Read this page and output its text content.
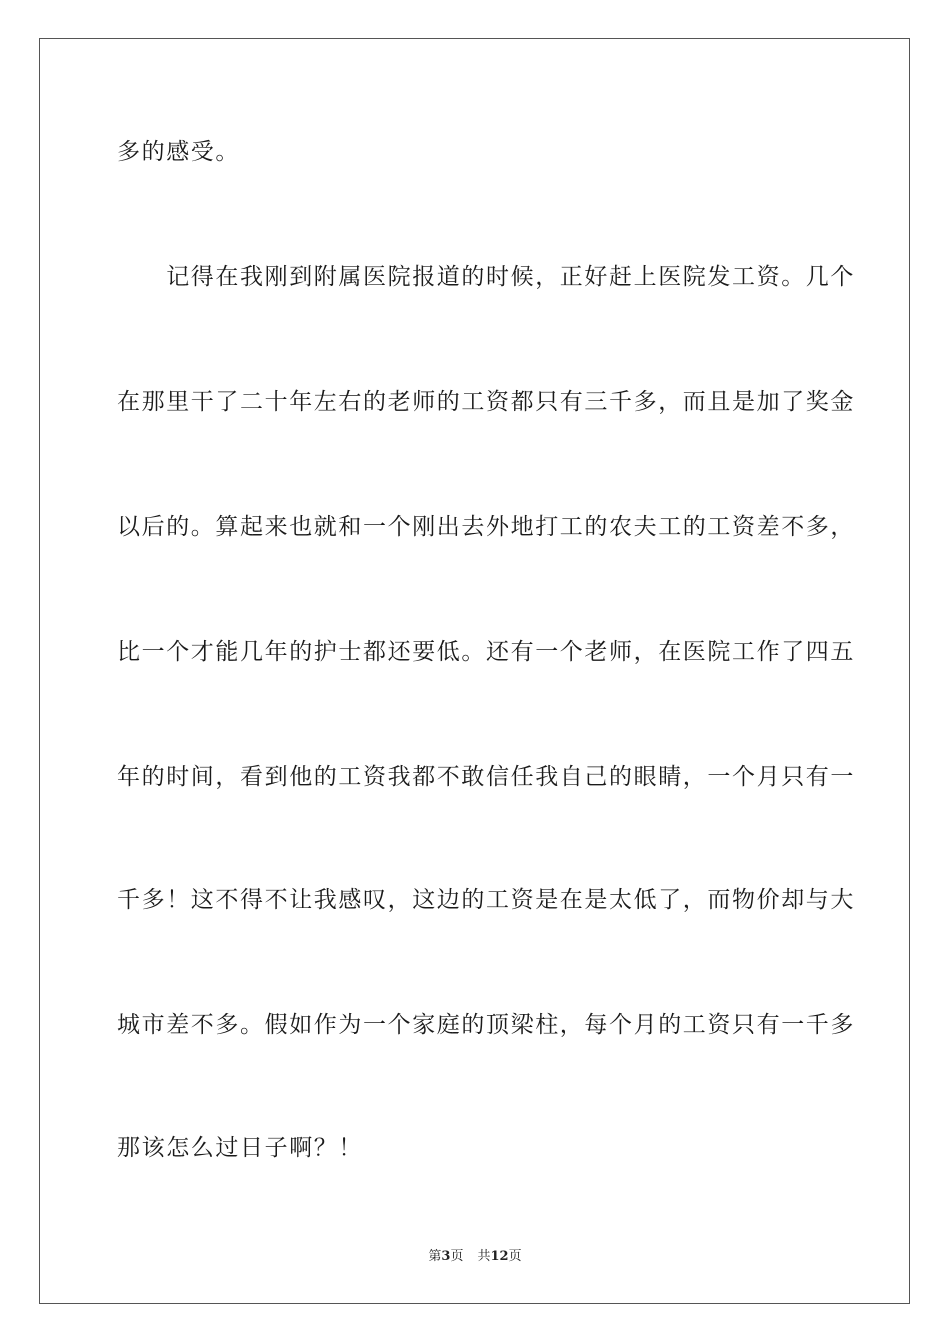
多的感受。
　　记得在我刚到附属医院报道的时候，正好赶上医院发工资。几个
在那里干了二十年左右的老师的工资都只有三千多，而且是加了奖金
以后的。算起来也就和一个刚出去外地打工的农夫工的工资差不多，
比一个才能几年的护士都还要低。还有一个老师，在医院工作了四五
年的时间，看到他的工资我都不敢信任我自己的眼睛，一个月只有一
千多！这不得不让我感叹，这边的工资是在是太低了，而物价却与大
城市差不多。假如作为一个家庭的顶梁柱，每个月的工资只有一千多
那该怎么过日子啊？！
第3页 共12页
